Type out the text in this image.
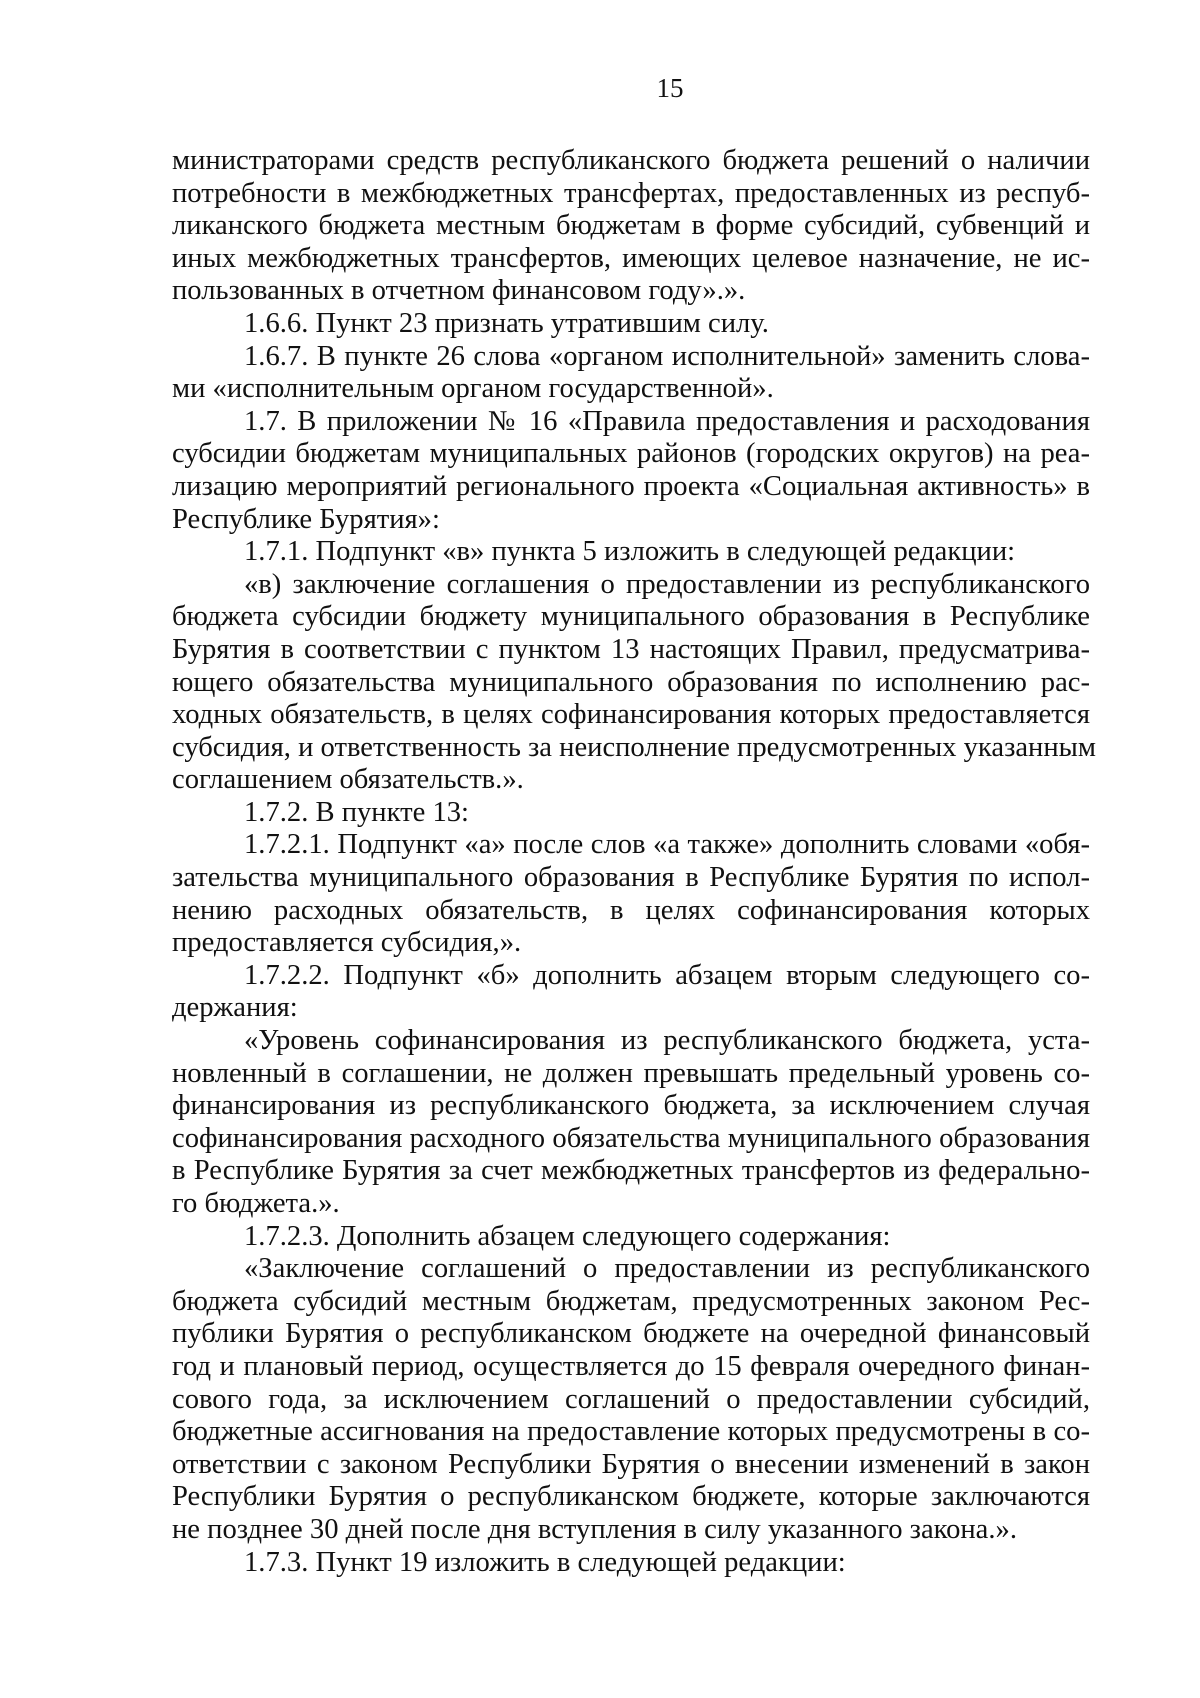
15
министраторами средств республиканского бюджета решений о наличии
потребности в межбюджетных трансфертах, предоставленных из респуб-
ликанского бюджета местным бюджетам в форме субсидий, субвенций и
иных межбюджетных трансфертов, имеющих целевое назначение, не ис-
пользованных в отчетном финансовом году».».
1.6.6. Пункт 23 признать утратившим силу.
1.6.7. В пункте 26 слова «органом исполнительной» заменить слова-
ми «исполнительным органом государственной».
1.7. В приложении № 16 «Правила предоставления и расходования
субсидии бюджетам муниципальных районов (городских округов) на реа-
лизацию мероприятий регионального проекта «Социальная активность» в
Республике Бурятия»:
1.7.1. Подпункт «в» пункта 5 изложить в следующей редакции:
«в) заключение соглашения о предоставлении из республиканского
бюджета субсидии бюджету муниципального образования в Республике
Бурятия в соответствии с пунктом 13 настоящих Правил, предусматрива-
ющего обязательства муниципального образования по исполнению рас-
ходных обязательств, в целях софинансирования которых предоставляется
субсидия, и ответственность за неисполнение предусмотренных указанным
соглашением обязательств.».
1.7.2. В пункте 13:
1.7.2.1. Подпункт «а» после слов «а также» дополнить словами «обя-
зательства муниципального образования в Республике Бурятия по испол-
нению расходных обязательств, в целях софинансирования которых
предоставляется субсидия,».
1.7.2.2. Подпункт «б» дополнить абзацем вторым следующего со-
держания:
«Уровень софинансирования из республиканского бюджета, уста-
новленный в соглашении, не должен превышать предельный уровень со-
финансирования из республиканского бюджета, за исключением случая
софинансирования расходного обязательства муниципального образования
в Республике Бурятия за счет межбюджетных трансфертов из федерально-
го бюджета.».
1.7.2.3. Дополнить абзацем следующего содержания:
«Заключение соглашений о предоставлении из республиканского
бюджета субсидий местным бюджетам, предусмотренных законом Рес-
публики Бурятия о республиканском бюджете на очередной финансовый
год и плановый период, осуществляется до 15 февраля очередного финан-
сового года, за исключением соглашений о предоставлении субсидий,
бюджетные ассигнования на предоставление которых предусмотрены в со-
ответствии с законом Республики Бурятия о внесении изменений в закон
Республики Бурятия о республиканском бюджете, которые заключаются
не позднее 30 дней после дня вступления в силу указанного закона.».
1.7.3. Пункт 19 изложить в следующей редакции:
